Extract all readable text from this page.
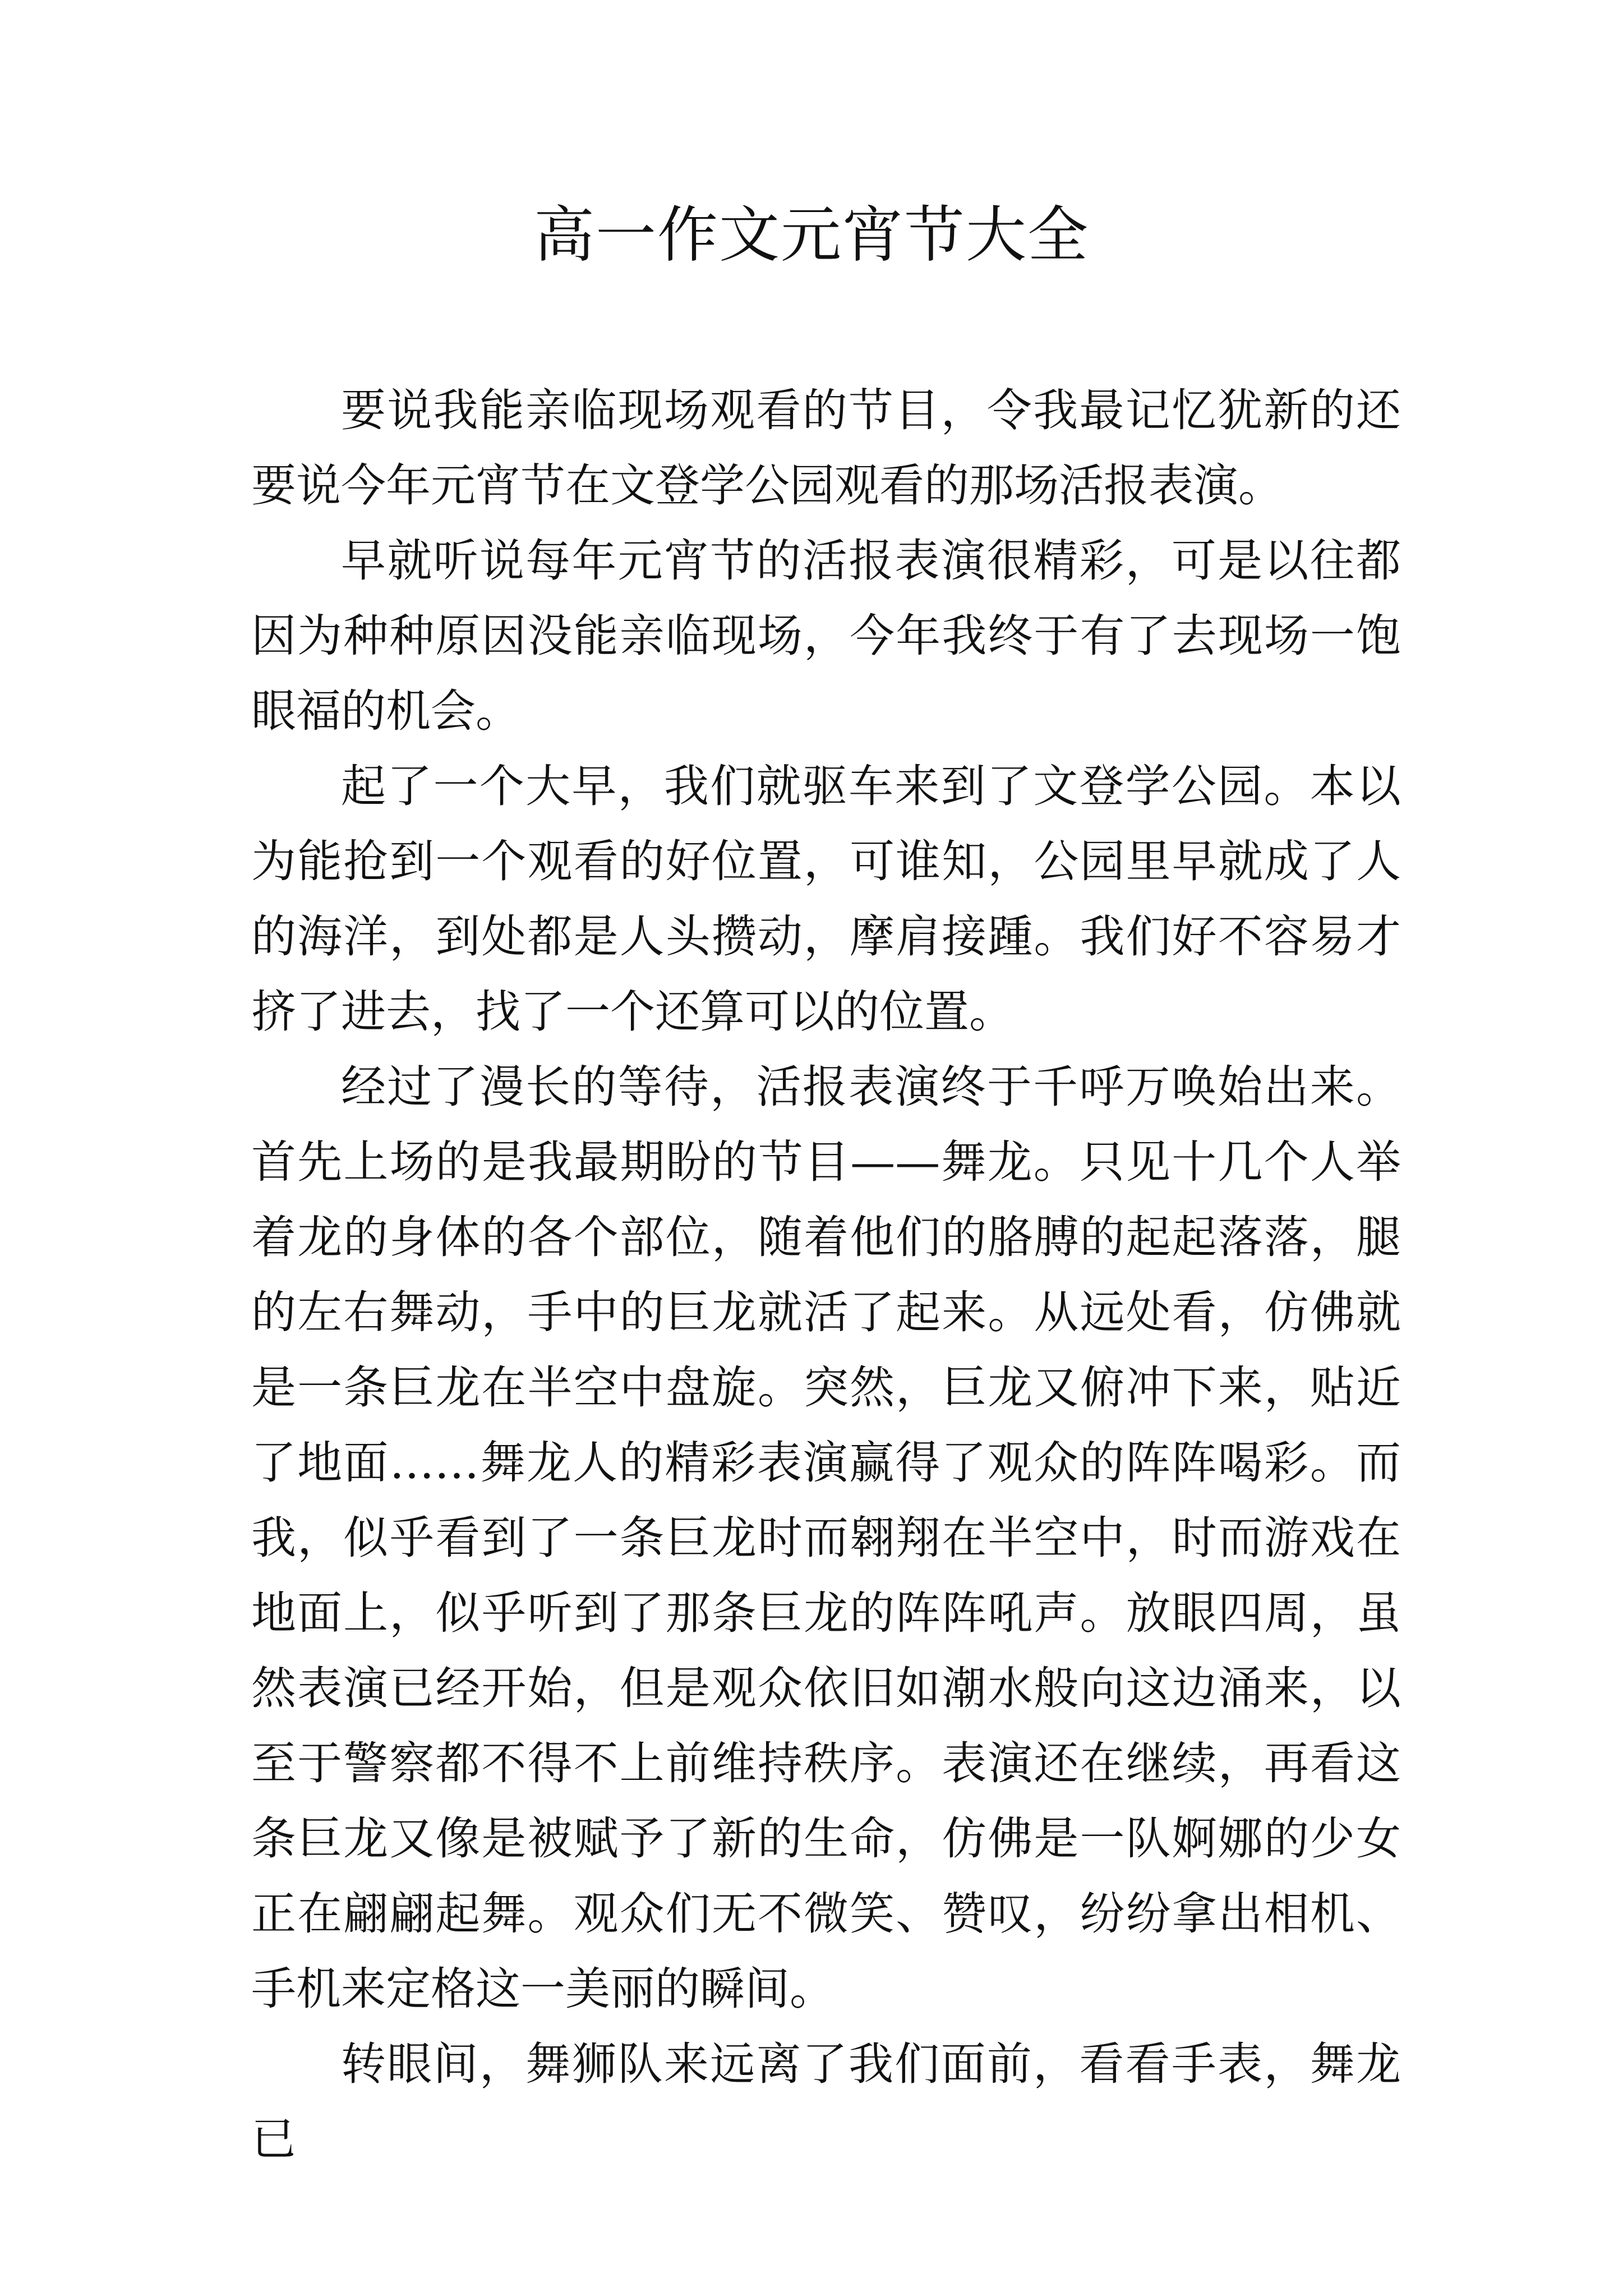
高一作文元宵节大全

要说我能亲临现场观看的节目，令我最记忆犹新的还要说今年元宵节在文登学公园观看的那场活报表演。

早就听说每年元宵节的活报表演很精彩，可是以往都因为种种原因没能亲临现场，今年我终于有了去现场一饱眼福的机会。

起了一个大早，我们就驱车来到了文登学公园。本以为能抢到一个观看的好位置，可谁知，公园里早就成了人的海洋，到处都是人头攒动，摩肩接踵。我们好不容易才挤了进去，找了一个还算可以的位置。

经过了漫长的等待，活报表演终于千呼万唤始出来。首先上场的是我最期盼的节目——舞龙。只见十几个人举着龙的身体的各个部位，随着他们的胳膊的起起落落，腿的左右舞动，手中的巨龙就活了起来。从远处看，仿佛就是一条巨龙在半空中盘旋。突然，巨龙又俯冲下来，贴近了地面……舞龙人的精彩表演赢得了观众的阵阵喝彩。而我，似乎看到了一条巨龙时而翱翔在半空中，时而游戏在地面上，似乎听到了那条巨龙的阵阵吼声。放眼四周，虽然表演已经开始，但是观众依旧如潮水般向这边涌来，以至于警察都不得不上前维持秩序。表演还在继续，再看这条巨龙又像是被赋予了新的生命，仿佛是一队婀娜的少女正在翩翩起舞。观众们无不微笑、赞叹，纷纷拿出相机、手机来定格这一美丽的瞬间。

转眼间，舞狮队来远离了我们面前，看看手表，舞龙已
